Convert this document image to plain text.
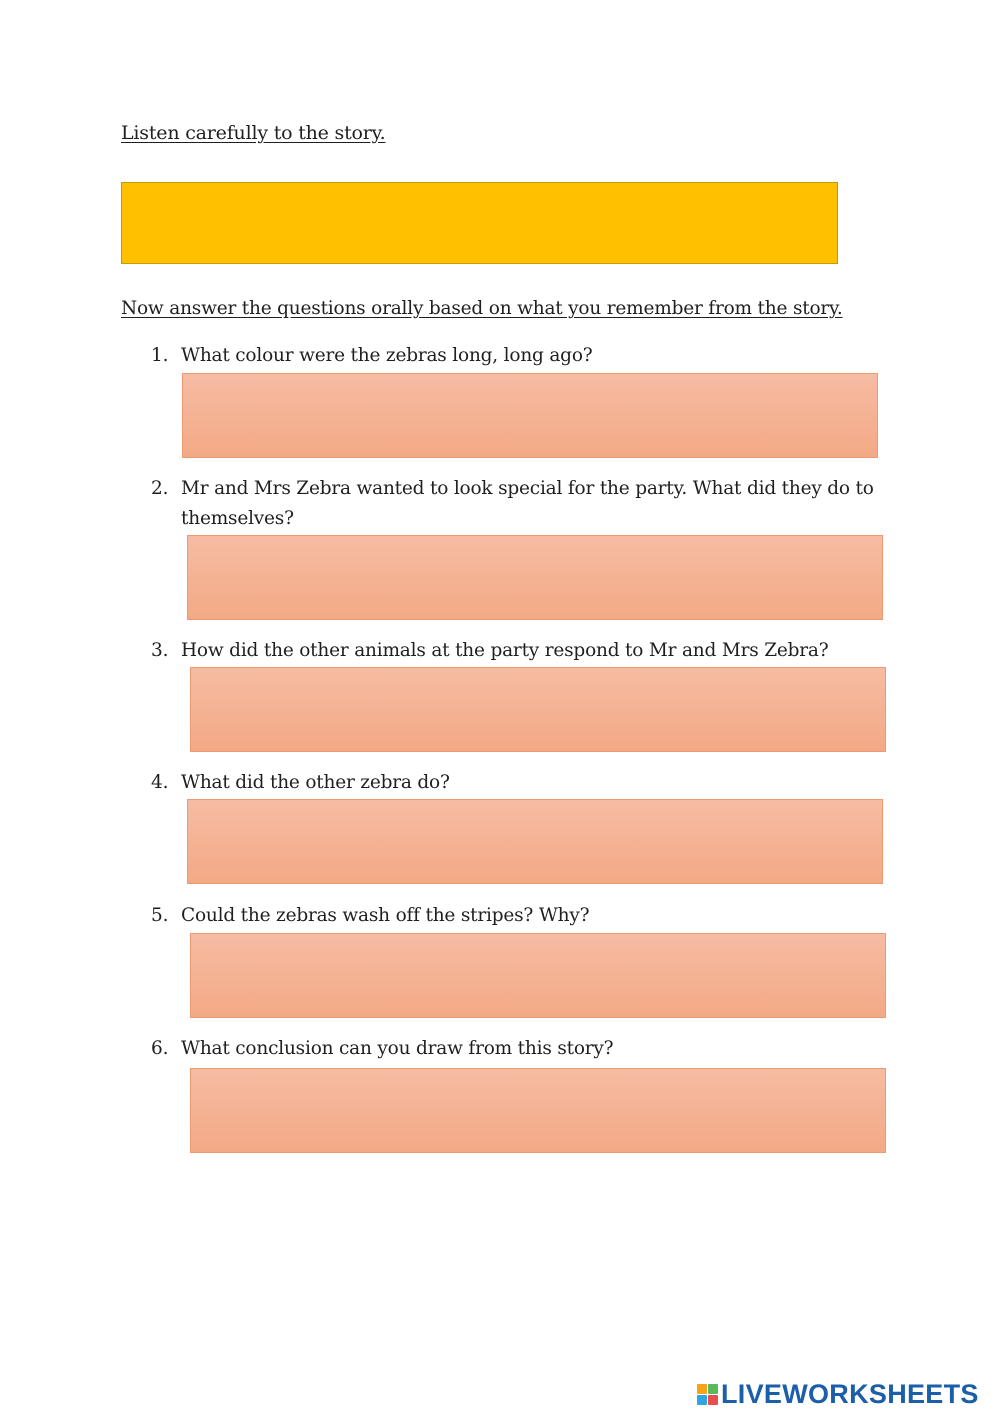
Listen carefully to the story.
Now answer the questions orally based on what you remember from the story.
1. What colour were the zebras long, long ago?
2. Mr and Mrs Zebra wanted to look special for the party. What did they do to themselves?
3. How did the other animals at the party respond to Mr and Mrs Zebra?
4. What did the other zebra do?
5. Could the zebras wash off the stripes? Why?
6. What conclusion can you draw from this story?
LIVEWORKSHEETS
